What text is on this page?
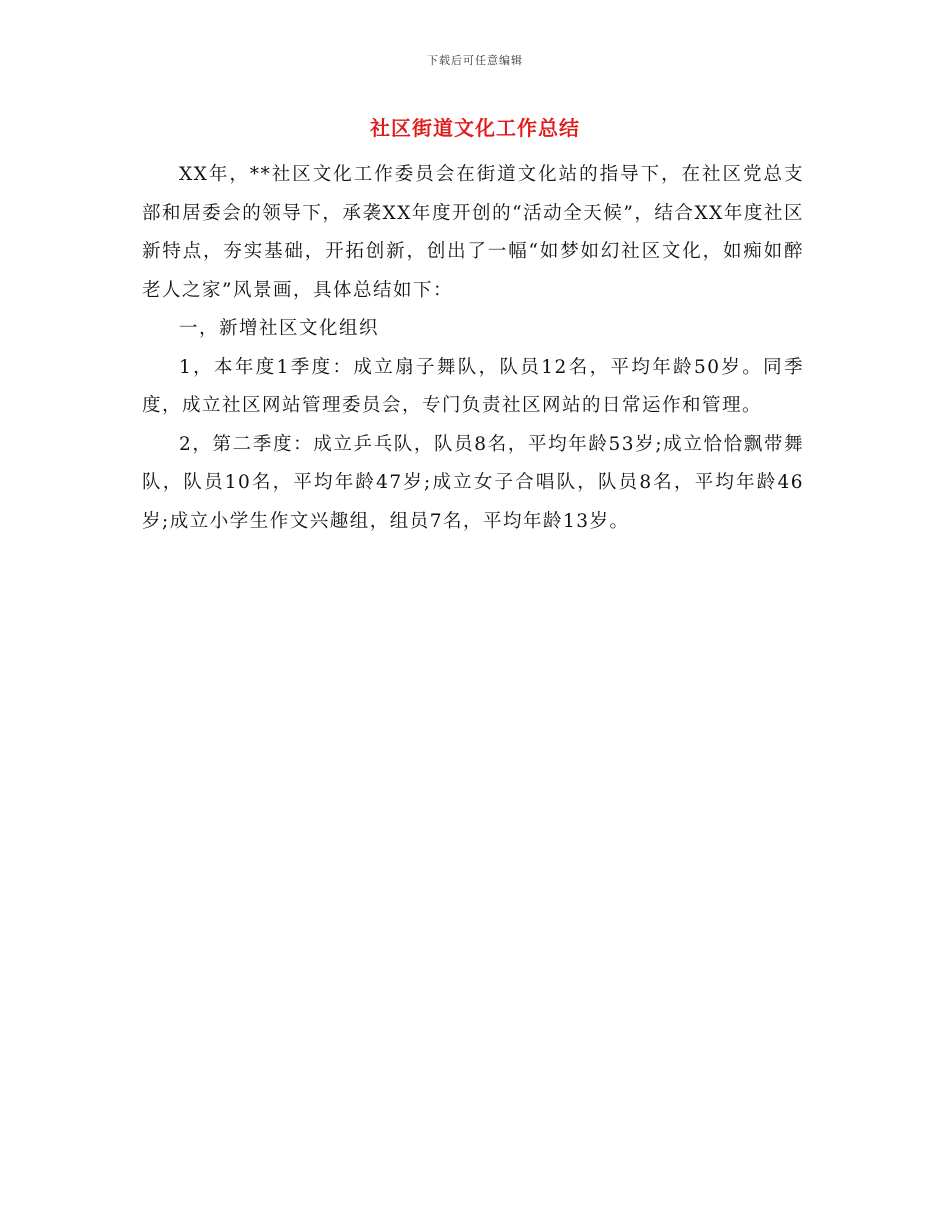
下载后可任意编辑
社区街道文化工作总结

XX年，**社区文化工作委员会在街道文化站的指导下，在社区党总支部和居委会的领导下，承袭XX年度开创的“活动全天候”，结合XX年度社区新特点，夯实基础，开拓创新，创出了一幅“如梦如幻社区文化，如痴如醉老人之家”风景画，具体总结如下：

一，新增社区文化组织

1，本年度1季度：成立扇子舞队，队员12名，平均年龄50岁。同季度，成立社区网站管理委员会，专门负责社区网站的日常运作和管理。

2，第二季度：成立乒乓队，队员8名，平均年龄53岁;成立恰恰飘带舞队，队员10名，平均年龄47岁;成立女子合唱队，队员8名，平均年龄46岁;成立小学生作文兴趣组，组员7名，平均年龄13岁。
